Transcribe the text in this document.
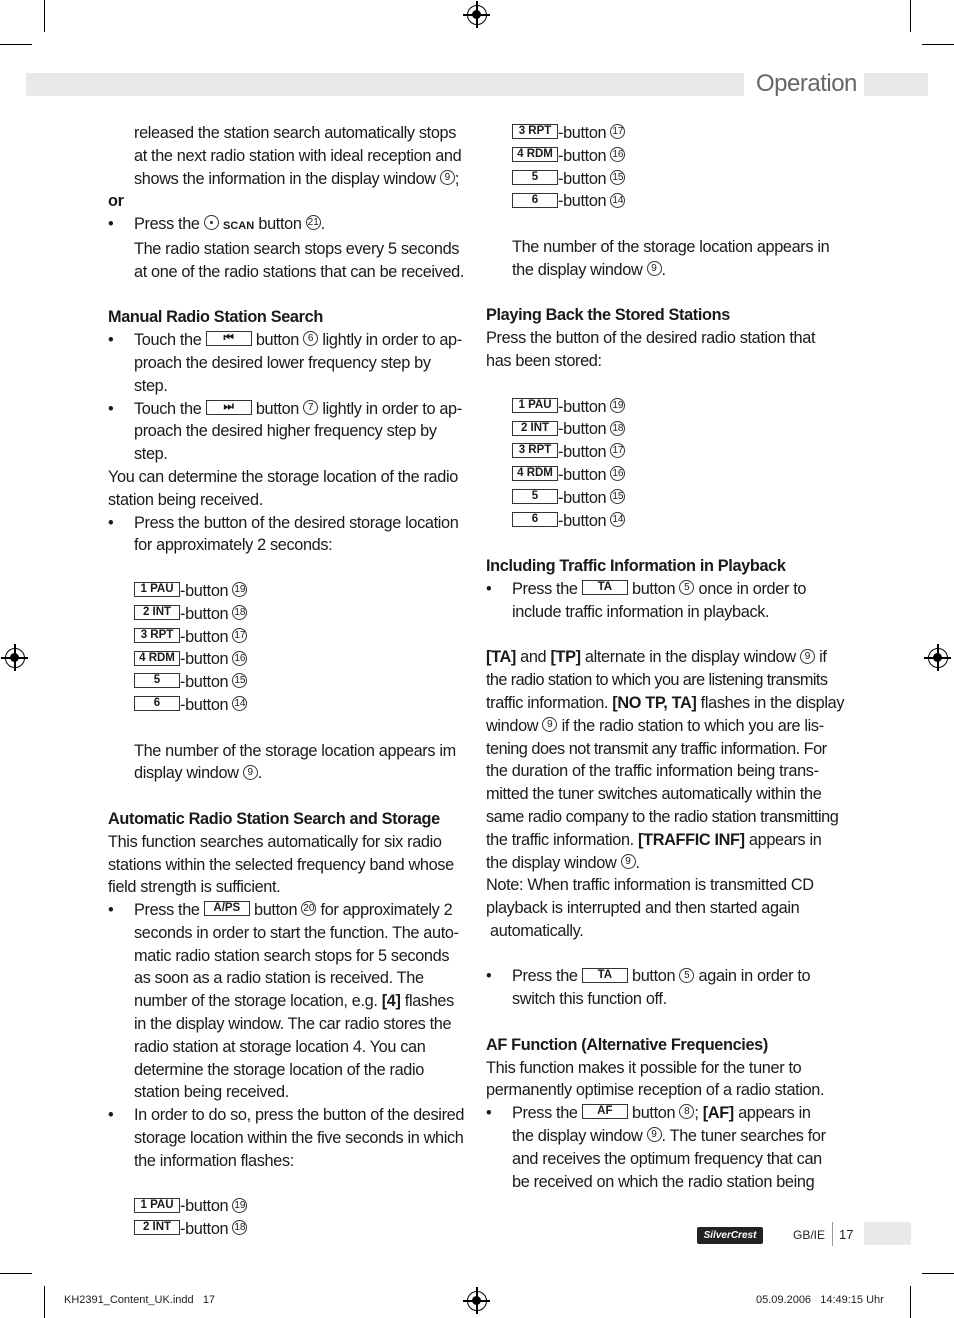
Operation

released the station search automatically stops

at the next radio station with ideal reception and

shows the information in the display window 9 ;

or

• Press the SCAN button 21 .

The radio station search stops every 5 seconds

at one of the radio stations that can be received.

Manual Radio Station Search

• Touch the ⏮ button 6 lightly in order to ap-

proach the desired lower frequency step by step.

• Touch the ⏭ button 7 lightly in order to ap-

proach the desired higher frequency step by step.

You can determine the storage location of the radio

station being received.

• Press the button of the desired storage location

for approximately 2 seconds:

1 PAU -button 19

2 INT -button 18

3 RPT -button 17

4 RDM -button 16

5 -button 15

6 -button 14

The number of the storage location appears im

display window 9 .

Automatic Radio Station Search and Storage

This function searches automatically for six radio

stations within the selected frequency band whose

field strength is sufficient.

• Press the A/PS button 20 for approximately 2

seconds in order to start the function. The auto-

matic radio station search stops for 5 seconds

as soon as a radio station is received. The

number of the storage location, e.g. [4] flashes

in the display window. The car radio stores the

radio station at storage location 4. You can

determine the storage location of the radio

station being received.

• In order to do so, press the button of the desired

storage location within the five seconds in which

the information flashes:

1 PAU -button 19

2 INT -button 18

3 RPT -button 17

4 RDM -button 16

5 -button 15

6 -button 14

The number of the storage location appears in

the display window 9 .

Playing Back the Stored Stations

Press the button of the desired radio station that

has been stored:

1 PAU -button 19

2 INT -button 18

3 RPT -button 17

4 RDM -button 16

5 -button 15

6 -button 14

Including Traffic Information in Playback

• Press the TA button 5 once in order to

include traffic information in playback.

[TA] and [TP] alternate in the display window 9 if

the radio station to which you are listening transmits

traffic information. [NO TP, TA] flashes in the display

window 9 if the radio station to which you are lis-

tening does not transmit any traffic information. For

the duration of the traffic information being trans-

mitted the tuner switches automatically within the

same radio company to the radio station transmitting

the traffic information. [TRAFFIC INF] appears in

the display window 9 .

Note: When traffic information is transmitted CD

playback is interrupted and then started again

automatically.

• Press the TA button 5 again in order to

switch this function off.

AF Function (Alternative Frequencies)

This function makes it possible for the tuner to

permanently optimise reception of a radio station.

• Press the AF button 8 ; [AF] appears in

the display window 9 . The tuner searches for

and receives the optimum frequency that can

be received on which the radio station being

SilverCrest	GB/IE 17
KH2391_Content_UK.indd   17	05.09.2006   14:49:15 Uhr
